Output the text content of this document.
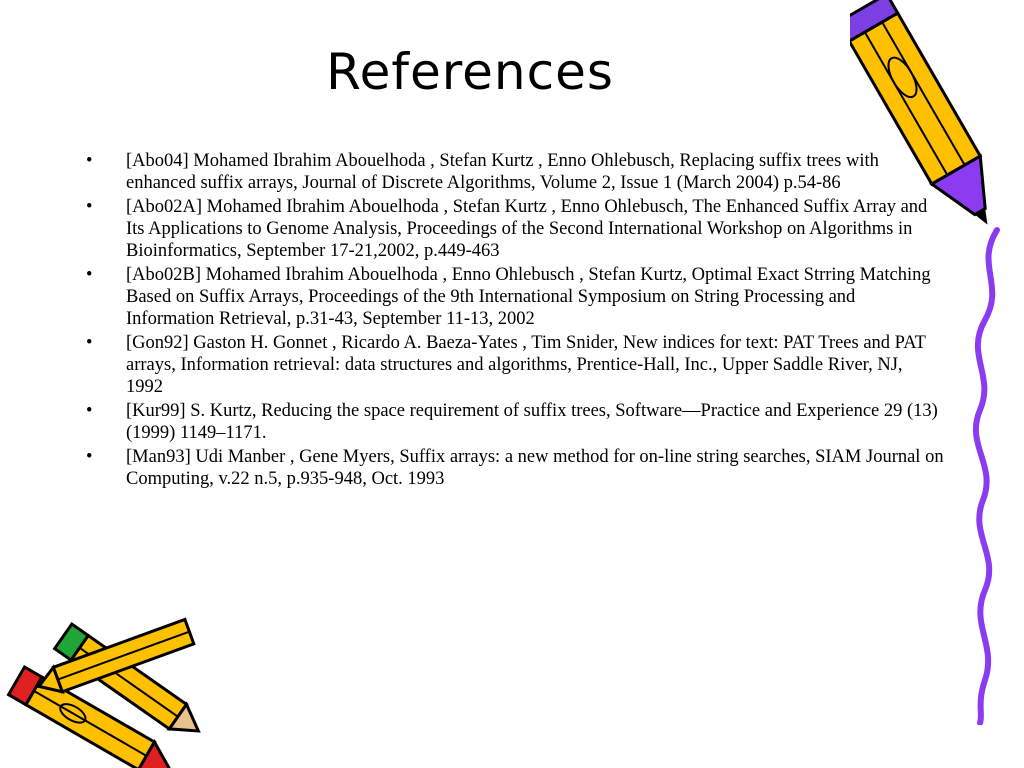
References
• [Abo04] Mohamed Ibrahim Abouelhoda , Stefan Kurtz , Enno Ohlebusch, Replacing suffix trees with enhanced suffix arrays, Journal of Discrete Algorithms, Volume 2, Issue 1 (March 2004) p.54-86
• [Abo02A] Mohamed Ibrahim Abouelhoda , Stefan Kurtz , Enno Ohlebusch, The Enhanced Suffix Array and Its Applications to Genome Analysis, Proceedings of the Second International Workshop on Algorithms in Bioinformatics, September 17-21,2002, p.449-463
• [Abo02B] Mohamed Ibrahim Abouelhoda , Enno Ohlebusch , Stefan Kurtz, Optimal Exact Strring Matching Based on Suffix Arrays, Proceedings of the 9th International Symposium on String Processing and Information Retrieval, p.31-43, September 11-13, 2002
• [Gon92] Gaston H. Gonnet , Ricardo A. Baeza-Yates , Tim Snider, New indices for text: PAT Trees and PAT arrays, Information retrieval: data structures and algorithms, Prentice-Hall, Inc., Upper Saddle River, NJ, 1992
• [Kur99] S. Kurtz, Reducing the space requirement of suffix trees, Software—Practice and Experience 29 (13) (1999) 1149–1171.
• [Man93] Udi Manber , Gene Myers, Suffix arrays: a new method for on-line string searches, SIAM Journal on Computing, v.22 n.5, p.935-948, Oct. 1993
